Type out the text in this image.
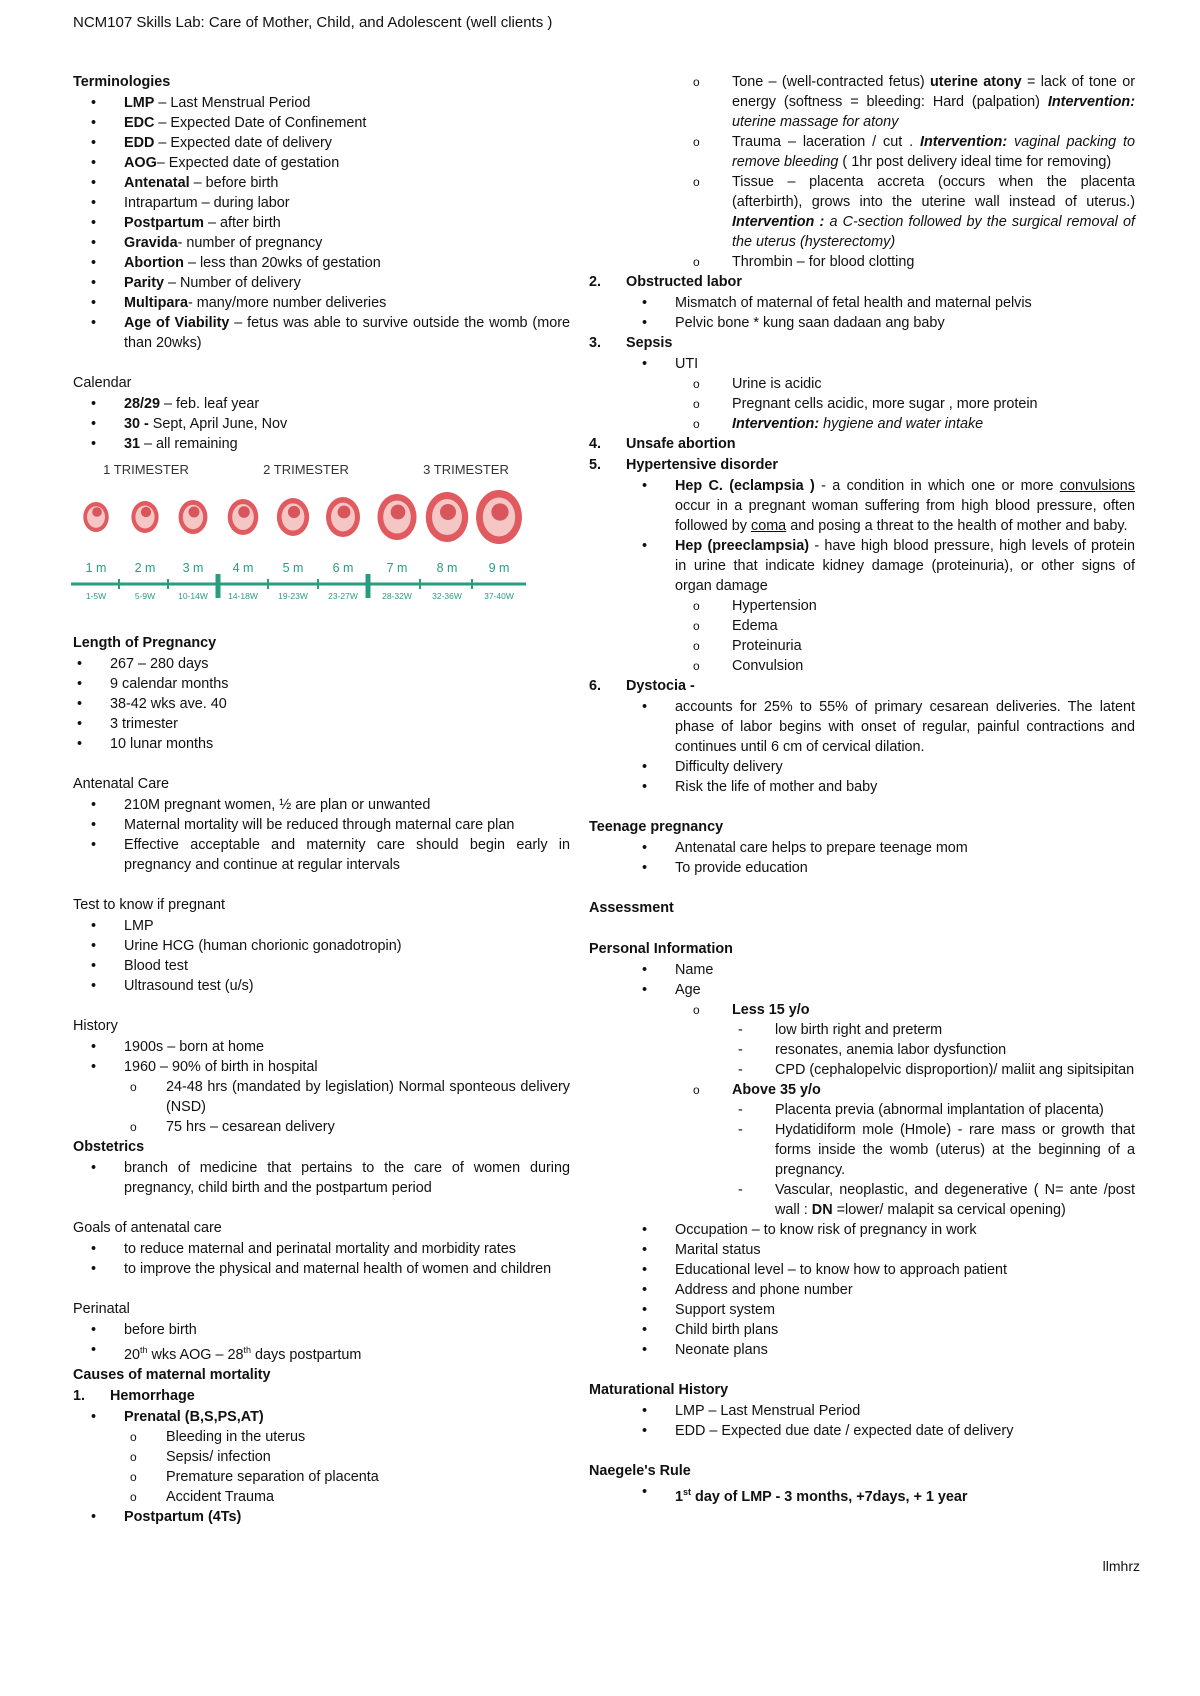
NCM107 Skills Lab: Care of Mother, Child, and Adolescent (well clients )
Terminologies
• LMP – Last Menstrual Period
• EDC – Expected Date of Confinement
• EDD – Expected date of delivery
• AOG– Expected date of gestation
• Antenatal – before birth
• Intrapartum – during labor
• Postpartum – after birth
• Gravida- number of pregnancy
• Abortion – less than 20wks of gestation
• Parity – Number of delivery
• Multipara- many/more number deliveries
• Age of Viability – fetus was able to survive outside the womb (more than 20wks)
Calendar
• 28/29 – feb. leaf year
• 30 - Sept, April June, Nov
• 31 – all remaining
1 TRIMESTER	2 TRIMESTER	3 TRIMESTER
1 m 2 m 3 m 4 m 5 m 6 m	7 m 8 m 9 m
1-5W	5-9W	10-14W 14-18W 19-23W 23-27W	28-32W 32-36W	37-40W
Length of Pregnancy
• 267 – 280 days
• 9 calendar months
• 38-42 wks ave. 40
• 3 trimester
• 10 lunar months
Antenatal Care
• 210M pregnant women, ½ are plan or unwanted
• Maternal mortality will be reduced through maternal care plan
• Effective acceptable and maternity care should begin early in pregnancy and continue at regular intervals
Test to know if pregnant
• LMP
• Urine HCG (human chorionic gonadotropin)
• Blood test
• Ultrasound test (u/s)
History
• 1900s – born at home
• 1960 – 90% of birth in hospital
o 24-48 hrs (mandated by legislation) Normal sponteous delivery (NSD)
o 75 hrs – cesarean delivery
Obstetrics
• branch of medicine that pertains to the care of women during pregnancy, child birth and the postpartum period
Goals of antenatal care
• to reduce maternal and perinatal mortality and morbidity rates
• to improve the physical and maternal health of women and children
Perinatal
• before birth
• 20th wks AOG – 28th days postpartum
Causes of maternal mortality
1. Hemorrhage
• Prenatal (B,S,PS,AT)
o Bleeding in the uterus
o Sepsis/ infection
o Premature separation of placenta
o Accident Trauma
• Postpartum (4Ts)
o Tone – (well-contracted fetus) uterine atony = lack of tone or energy (softness = bleeding: Hard (palpation) Intervention: uterine massage for atony
o Trauma – laceration / cut . Intervention: vaginal packing to remove bleeding ( 1hr post delivery ideal time for removing)
o Tissue – placenta accreta (occurs when the placenta (afterbirth), grows into the uterine wall instead of uterus.) Intervention : a C-section followed by the surgical removal of the uterus (hysterectomy)
o Thrombin – for blood clotting
2. Obstructed labor
• Mismatch of maternal of fetal health and maternal pelvis
• Pelvic bone * kung saan dadaan ang baby
3. Sepsis
• UTI
o Urine is acidic
o Pregnant cells acidic, more sugar , more protein
o Intervention: hygiene and water intake
4. Unsafe abortion
5. Hypertensive disorder
• Hep C. (eclampsia ) - a condition in which one or more convulsions occur in a pregnant woman suffering from high blood pressure, often followed by coma and posing a threat to the health of mother and baby.
• Hep (preeclampsia) - have high blood pressure, high levels of protein in urine that indicate kidney damage (proteinuria), or other signs of organ damage
o Hypertension
o Edema
o Proteinuria
o Convulsion
6. Dystocia -
• accounts for 25% to 55% of primary cesarean deliveries. The latent phase of labor begins with onset of regular, painful contractions and continues until 6 cm of cervical dilation.
• Difficulty delivery
• Risk the life of mother and baby
Teenage pregnancy
• Antenatal care helps to prepare teenage mom
• To provide education
Assessment
Personal Information
• Name
• Age
o Less 15 y/o
- low birth right and preterm
- resonates, anemia labor dysfunction
- CPD (cephalopelvic disproportion)/ maliit ang sipitsipitan
o Above 35 y/o
- Placenta previa (abnormal implantation of placenta)
- Hydatidiform mole (Hmole) - rare mass or growth that forms inside the womb (uterus) at the beginning of a pregnancy.
- Vascular, neoplastic, and degenerative ( N= ante /post wall : DN =lower/ malapit sa cervical opening)
• Occupation – to know risk of pregnancy in work
• Marital status
• Educational level – to know how to approach patient
• Address and phone number
• Support system
• Child birth plans
• Neonate plans
Maturational History
• LMP – Last Menstrual Period
• EDD – Expected due date / expected date of delivery
Naegele's Rule
• 1st day of LMP - 3 months, +7days, + 1 year
llmhrz
